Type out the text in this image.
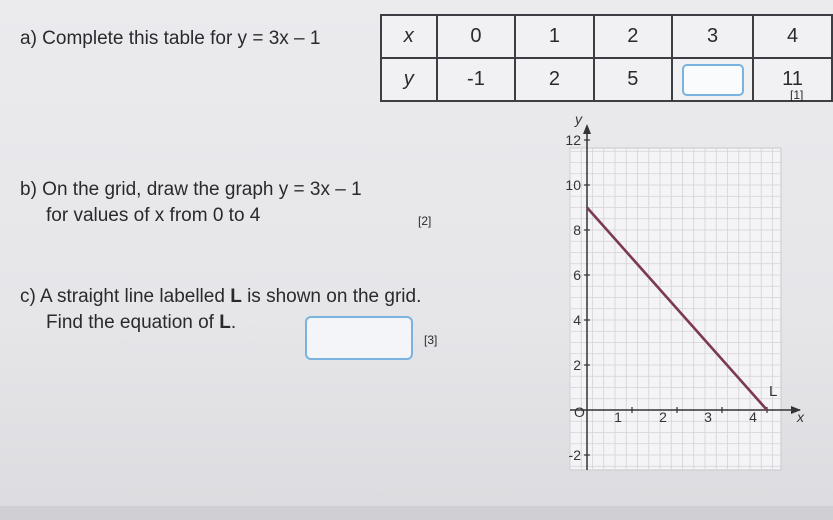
a) Complete this table for y = 3x – 1	x	0	1	2	3	4
y	-1	2	5		11
[1]
b) On the grid, draw the graph y = 3x – 1
for values of x from 0 to 4	[2]
c) A straight line labelled L is shown on the grid.
Find the equation of L.
[3]
y
x
O 1	2	3	4
12
10
8
6
4
2
-2
L
